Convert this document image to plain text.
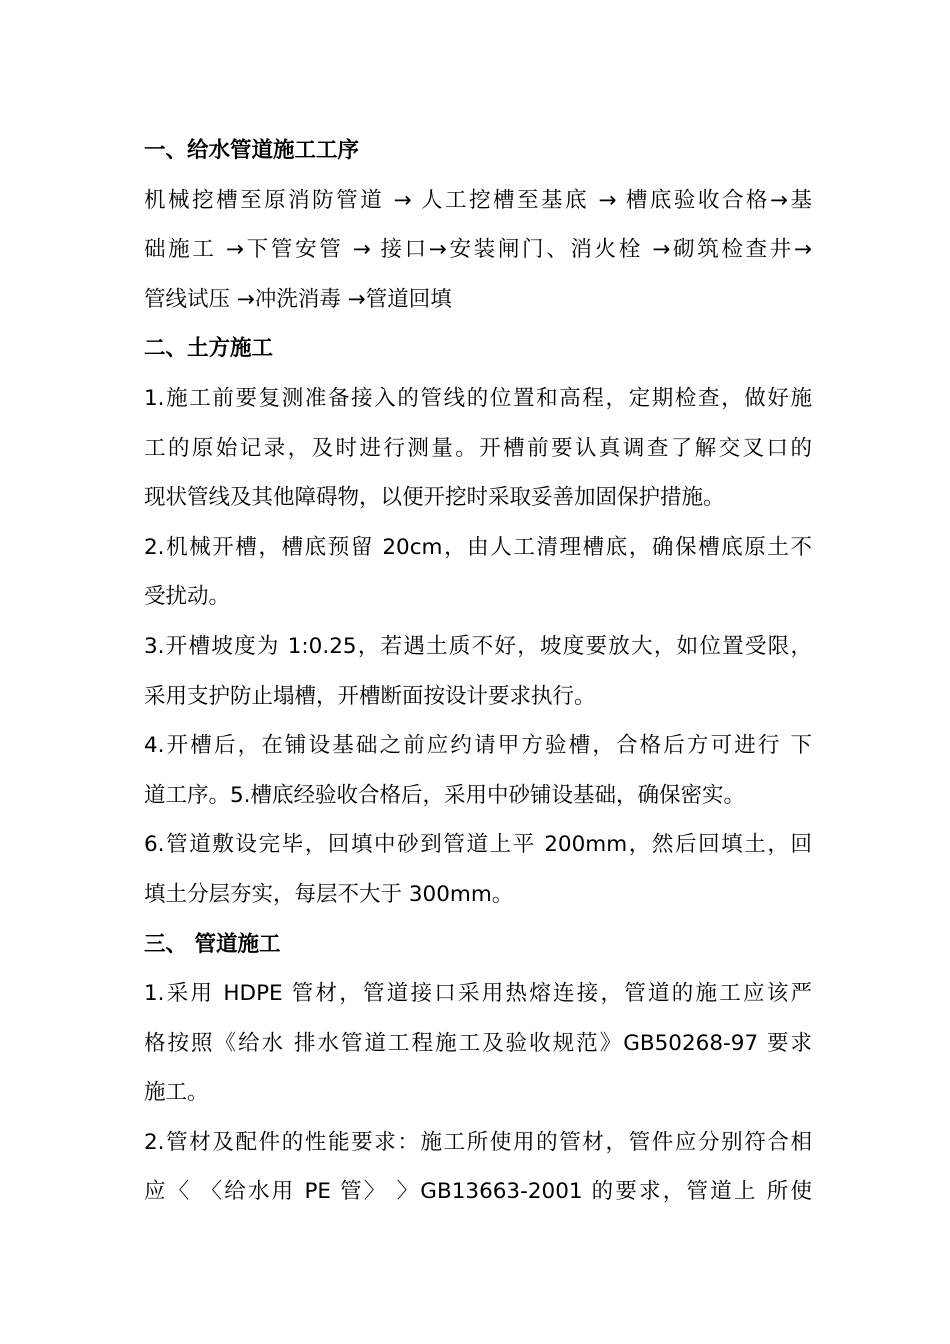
一、给水管道施工工序
机械挖槽至原消防管道 → 人工挖槽至基底 → 槽底验收合格→基
础施工 →下管安管 → 接口→安装闸门、消火栓 →砌筑检查井→
管线试压 →冲洗消毒 →管道回填
二、土方施工
1.施工前要复测准备接入的管线的位置和高程，定期检查，做好施
工的原始记录，及时进行测量。开槽前要认真调查了解交叉口的
现状管线及其他障碍物，以便开挖时采取妥善加固保护措施。
2.机械开槽，槽底预留 20cm，由人工清理槽底，确保槽底原土不
受扰动。
3.开槽坡度为 1:0.25，若遇土质不好，坡度要放大，如位置受限，
采用支护防止塌槽，开槽断面按设计要求执行。
4.开槽后，在铺设基础之前应约请甲方验槽，合格后方可进行 下
道工序。5.槽底经验收合格后，采用中砂铺设基础，确保密实。
6.管道敷设完毕，回填中砂到管道上平 200mm，然后回填土，回
填土分层夯实，每层不大于 300mm。
三、 管道施工
1.采用 HDPE 管材，管道接口采用热熔连接，管道的施工应该严
格按照《给水 排水管道工程施工及验收规范》GB50268-97 要求
施工。
2.管材及配件的性能要求：施工所使用的管材，管件应分别符合相
应〈 〈给水用 PE 管〉 〉GB13663-2001 的要求，管道上 所使
